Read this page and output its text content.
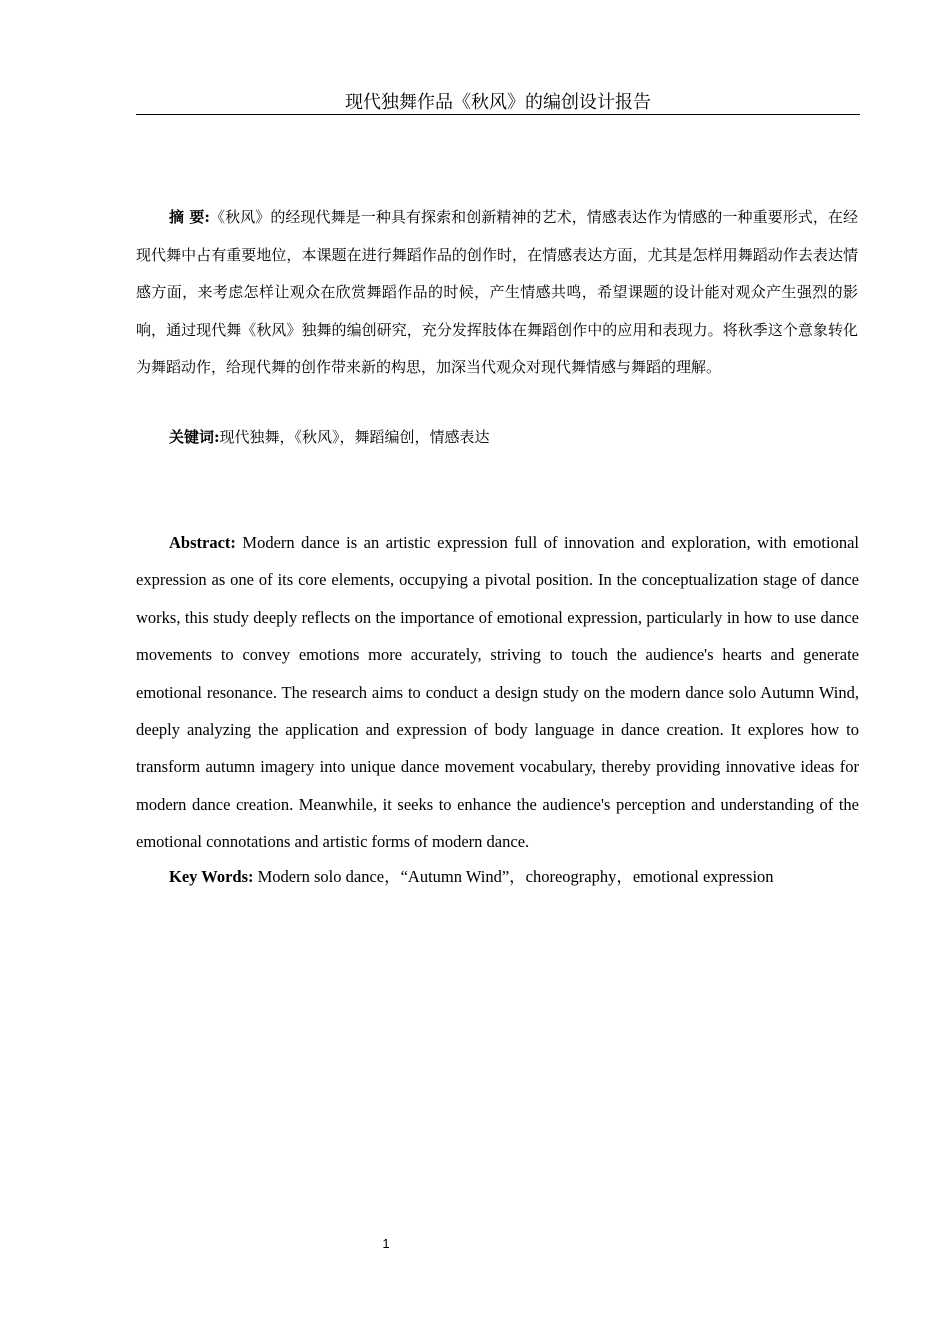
现代独舞作品《秋风》的编创设计报告

摘 要:《秋风》的经现代舞是一种具有探索和创新精神的艺术，情感表达作为情感的一种重要形式，在经现代舞中占有重要地位，本课题在进行舞蹈作品的创作时，在情感表达方面，尤其是怎样用舞蹈动作去表达情感方面，来考虑怎样让观众在欣赏舞蹈作品的时候，产生情感共鸣，希望课题的设计能对观众产生强烈的影响，通过现代舞《秋风》独舞的编创研究，充分发挥肢体在舞蹈创作中的应用和表现力。将秋季这个意象转化为舞蹈动作，给现代舞的创作带来新的构思，加深当代观众对现代舞情感与舞蹈的理解。

关键词:现代独舞，《秋风》，舞蹈编创，情感表达

Abstract: Modern dance is an artistic expression full of innovation and exploration, with emotional expression as one of its core elements, occupying a pivotal position. In the conceptualization stage of dance works, this study deeply reflects on the importance of emotional expression, particularly in how to use dance movements to convey emotions more accurately, striving to touch the audience's hearts and generate emotional resonance. The research aims to conduct a design study on the modern dance solo Autumn Wind, deeply analyzing the application and expression of body language in dance creation. It explores how to transform autumn imagery into unique dance movement vocabulary, thereby providing innovative ideas for modern dance creation. Meanwhile, it seeks to enhance the audience's perception and understanding of the emotional connotations and artistic forms of modern dance.

Key Words: Modern solo dance，“Autumn Wind”，choreography，emotional expression

1
